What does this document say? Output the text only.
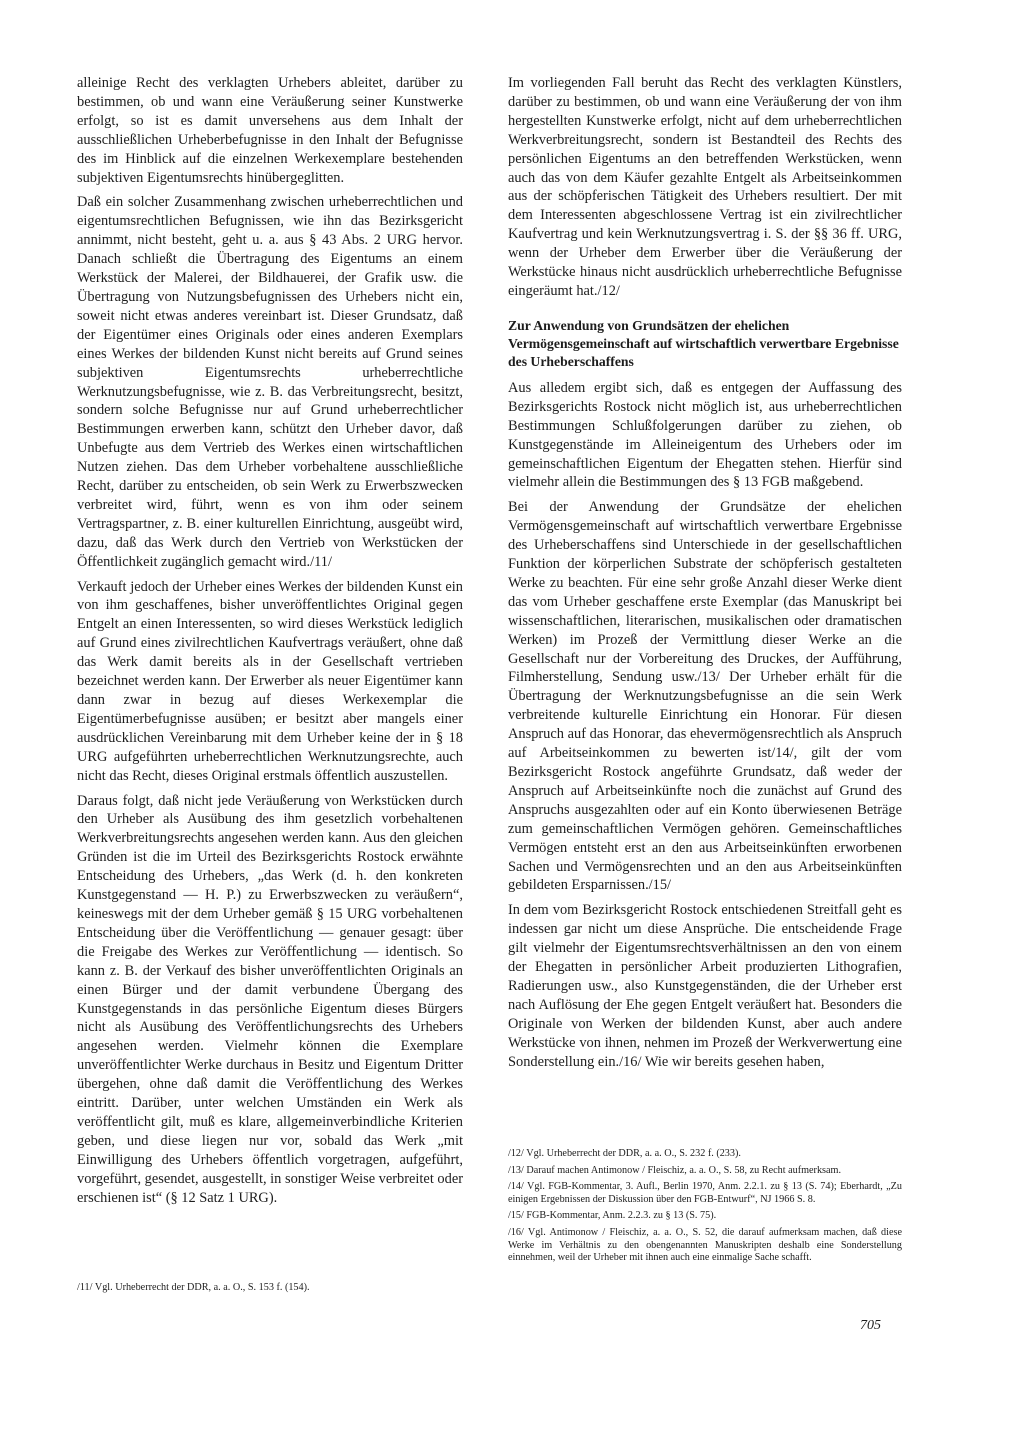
alleinige Recht des verklagten Urhebers ableitet, darüber zu bestimmen, ob und wann eine Veräußerung seiner Kunstwerke erfolgt, so ist es damit unversehens aus dem Inhalt der ausschließlichen Urheberbefugnisse in den Inhalt der Befugnisse des im Hinblick auf die einzelnen Werkexemplare bestehenden subjektiven Eigentumsrechts hinübergeglitten.

Daß ein solcher Zusammenhang zwischen urheberrechtlichen und eigentumsrechtlichen Befugnissen, wie ihn das Bezirksgericht annimmt, nicht besteht, geht u. a. aus § 43 Abs. 2 URG hervor. Danach schließt die Übertragung des Eigentums an einem Werkstück der Malerei, der Bildhauerei, der Grafik usw. die Übertragung von Nutzungsbefugnissen des Urhebers nicht ein, soweit nicht etwas anderes vereinbart ist. Dieser Grundsatz, daß der Eigentümer eines Originals oder eines anderen Exemplars eines Werkes der bildenden Kunst nicht bereits auf Grund seines subjektiven Eigentumsrechts urheberrechtliche Werknutzungsbefugnisse, wie z. B. das Verbreitungsrecht, besitzt, sondern solche Befugnisse nur auf Grund urheberrechtlicher Bestimmungen erwerben kann, schützt den Urheber davor, daß Unbefugte aus dem Vertrieb des Werkes einen wirtschaftlichen Nutzen ziehen. Das dem Urheber vorbehaltene ausschließliche Recht, darüber zu entscheiden, ob sein Werk zu Erwerbszwecken verbreitet wird, führt, wenn es von ihm oder seinem Vertragspartner, z. B. einer kulturellen Einrichtung, ausgeübt wird, dazu, daß das Werk durch den Vertrieb von Werkstücken der Öffentlichkeit zugänglich gemacht wird./11/

Verkauft jedoch der Urheber eines Werkes der bildenden Kunst ein von ihm geschaffenes, bisher unveröffentlichtes Original gegen Entgelt an einen Interessenten, so wird dieses Werkstück lediglich auf Grund eines zivilrechtlichen Kaufvertrags veräußert, ohne daß das Werk damit bereits als in der Gesellschaft vertrieben bezeichnet werden kann. Der Erwerber als neuer Eigentümer kann dann zwar in bezug auf dieses Werkexemplar die Eigentümerbefugnisse ausüben; er besitzt aber mangels einer ausdrücklichen Vereinbarung mit dem Urheber keine der in § 18 URG aufgeführten urheberrechtlichen Werknutzungsrechte, auch nicht das Recht, dieses Original erstmals öffentlich auszustellen.

Daraus folgt, daß nicht jede Veräußerung von Werkstücken durch den Urheber als Ausübung des ihm gesetzlich vorbehaltenen Werkverbreitungsrechts angesehen werden kann. Aus den gleichen Gründen ist die im Urteil des Bezirksgerichts Rostock erwähnte Entscheidung des Urhebers, „das Werk (d. h. den konkreten Kunstgegenstand — H. P.) zu Erwerbszwecken zu veräußern“, keineswegs mit der dem Urheber gemäß § 15 URG vorbehaltenen Entscheidung über die Veröffentlichung — genauer gesagt: über die Freigabe des Werkes zur Veröffentlichung — identisch. So kann z. B. der Verkauf des bisher unveröffentlichten Originals an einen Bürger und der damit verbundene Übergang des Kunstgegenstands in das persönliche Eigentum dieses Bürgers nicht als Ausübung des Veröffentlichungsrechts des Urhebers angesehen werden. Vielmehr können die Exemplare unveröffentlichter Werke durchaus in Besitz und Eigentum Dritter übergehen, ohne daß damit die Veröffentlichung des Werkes eintritt. Darüber, unter welchen Umständen ein Werk als veröffentlicht gilt, muß es klare, allgemeinverbindliche Kriterien geben, und diese liegen nur vor, sobald das Werk „mit Einwilligung des Urhebers öffentlich vorgetragen, aufgeführt, vorgeführt, gesendet, ausgestellt, in sonstiger Weise verbreitet oder erschienen ist“ (§ 12 Satz 1 URG).

/11/ Vgl. Urheberrecht der DDR, a. a. O., S. 153 f. (154).

Im vorliegenden Fall beruht das Recht des verklagten Künstlers, darüber zu bestimmen, ob und wann eine Veräußerung der von ihm hergestellten Kunstwerke erfolgt, nicht auf dem urheberrechtlichen Werkverbreitungsrecht, sondern ist Bestandteil des Rechts des persönlichen Eigentums an den betreffenden Werkstücken, wenn auch das von dem Käufer gezahlte Entgelt als Arbeitseinkommen aus der schöpferischen Tätigkeit des Urhebers resultiert. Der mit dem Interessenten abgeschlossene Vertrag ist ein zivilrechtlicher Kaufvertrag und kein Werknutzungsvertrag i. S. der §§ 36 ff. URG, wenn der Urheber dem Erwerber über die Veräußerung der Werkstücke hinaus nicht ausdrücklich urheberrechtliche Befugnisse eingeräumt hat./12/

Zur Anwendung von Grundsätzen der ehelichen Vermögensgemeinschaft auf wirtschaftlich verwertbare Ergebnisse des Urheberschaffens

Aus alledem ergibt sich, daß es entgegen der Auffassung des Bezirksgerichts Rostock nicht möglich ist, aus urheberrechtlichen Bestimmungen Schlußfolgerungen darüber zu ziehen, ob Kunstgegenstände im Alleineigentum des Urhebers oder im gemeinschaftlichen Eigentum der Ehegatten stehen. Hierfür sind vielmehr allein die Bestimmungen des § 13 FGB maßgebend.

Bei der Anwendung der Grundsätze der ehelichen Vermögensgemeinschaft auf wirtschaftlich verwertbare Ergebnisse des Urheberschaffens sind Unterschiede in der gesellschaftlichen Funktion der körperlichen Substrate der schöpferisch gestalteten Werke zu beachten. Für eine sehr große Anzahl dieser Werke dient das vom Urheber geschaffene erste Exemplar (das Manuskript bei wissenschaftlichen, literarischen, musikalischen oder dramatischen Werken) im Prozeß der Vermittlung dieser Werke an die Gesellschaft nur der Vorbereitung des Druckes, der Aufführung, Filmherstellung, Sendung usw./13/ Der Urheber erhält für die Übertragung der Werknutzungsbefugnisse an die sein Werk verbreitende kulturelle Einrichtung ein Honorar. Für diesen Anspruch auf das Honorar, das ehevermögensrechtlich als Anspruch auf Arbeitseinkommen zu bewerten ist/14/, gilt der vom Bezirksgericht Rostock angeführte Grundsatz, daß weder der Anspruch auf Arbeitseinkünfte noch die zunächst auf Grund des Anspruchs ausgezahlten oder auf ein Konto überwiesenen Beträge zum gemeinschaftlichen Vermögen gehören. Gemeinschaftliches Vermögen entsteht erst an den aus Arbeitseinkünften erworbenen Sachen und Vermögensrechten und an den aus Arbeitseinkünften gebildeten Ersparnissen./15/

In dem vom Bezirksgericht Rostock entschiedenen Streitfall geht es indessen gar nicht um diese Ansprüche. Die entscheidende Frage gilt vielmehr der Eigentumsrechtsverhältnissen an den von einem der Ehegatten in persönlicher Arbeit produzierten Lithografien, Radierungen usw., also Kunstgegenständen, die der Urheber erst nach Auflösung der Ehe gegen Entgelt veräußert hat. Besonders die Originale von Werken der bildenden Kunst, aber auch andere Werkstücke von ihnen, nehmen im Prozeß der Werkverwertung eine Sonderstellung ein./16/ Wie wir bereits gesehen haben,

/12/ Vgl. Urheberrecht der DDR, a. a. O., S. 232 f. (233).

/13/ Darauf machen Antimonow / Fleischiz, a. a. O., S. 58, zu Recht aufmerksam.

/14/ Vgl. FGB-Kommentar, 3. Aufl., Berlin 1970, Anm. 2.2.1. zu § 13 (S. 74); Eberhardt, „Zu einigen Ergebnissen der Diskussion über den FGB-Entwurf“, NJ 1966 S. 8.

/15/ FGB-Kommentar, Anm. 2.2.3. zu § 13 (S. 75).

/16/ Vgl. Antimonow / Fleischiz, a. a. O., S. 52, die darauf aufmerksam machen, daß diese Werke im Verhältnis zu den obengenannten Manuskripten deshalb eine Sonderstellung einnehmen, weil der Urheber mit ihnen auch eine einmalige Sache schafft.

705
